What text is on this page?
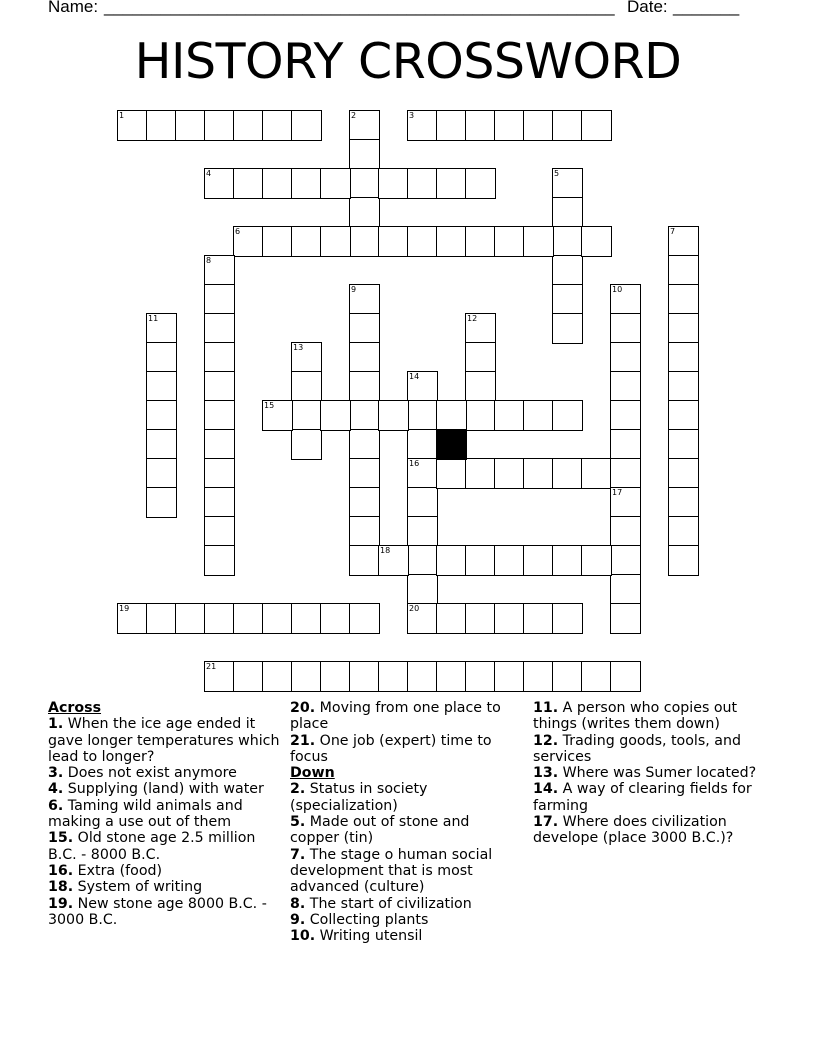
Name: ______________________________________________________ Date: _______
HISTORY CROSSWORD
1	2	3
4	5
6	7
8
9	10
11	12
13
14
16
15
17
18
19	20
21
Across
1. When the ice age ended it gave longer temperatures which lead to longer?
3. Does not exist anymore
4. Supplying (land) with water
6. Taming wild animals and making a use out of them
15. Old stone age 2.5 million B.C. - 8000 B.C.
16. Extra (food)
18. System of writing
19. New stone age 8000 B.C. - 3000 B.C.
20. Moving from one place to place
21. One job (expert) time to focus
Down
2. Status in society (specialization)
5. Made out of stone and copper (tin)
7. The stage o human social development that is most advanced (culture)
8. The start of civilization
9. Collecting plants
10. Writing utensil
11. A person who copies out things (writes them down)
12. Trading goods, tools, and services
13. Where was Sumer located?
14. A way of clearing fields for farming
17. Where does civilization develope (place 3000 B.C.)?
